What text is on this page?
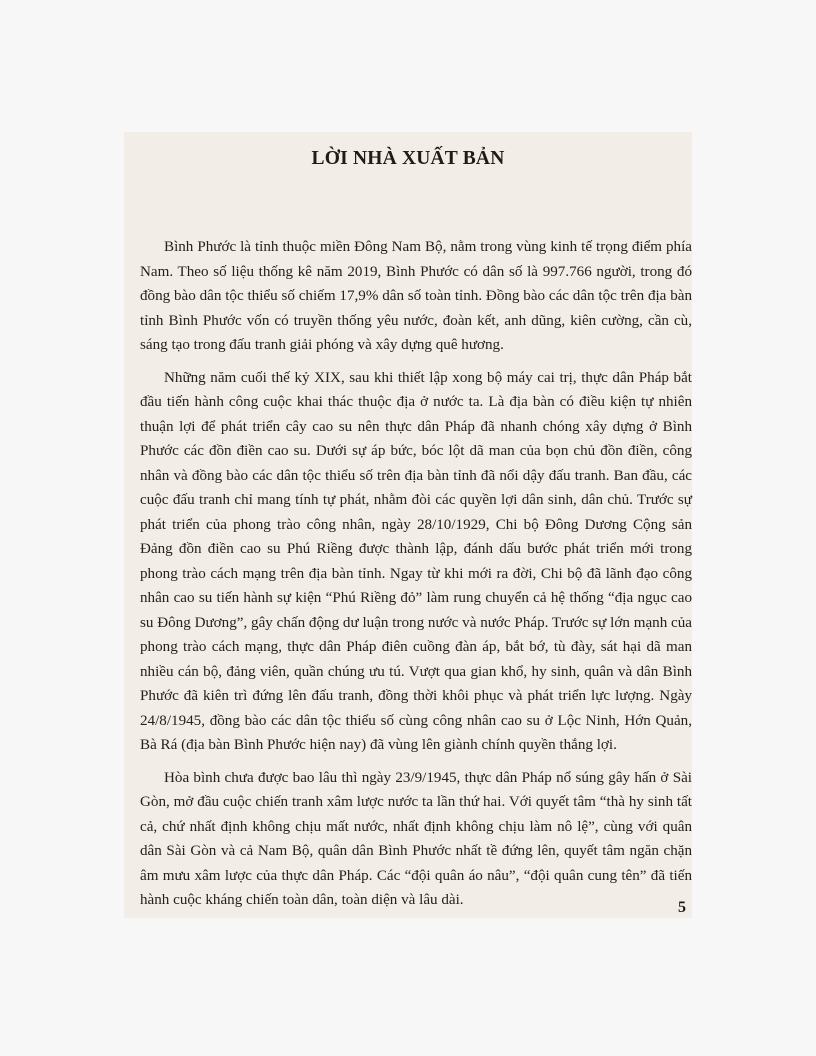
LỜI NHÀ XUẤT BẢN

Bình Phước là tỉnh thuộc miền Đông Nam Bộ, nằm trong vùng kinh tế trọng điểm phía Nam. Theo số liệu thống kê năm 2019, Bình Phước có dân số là 997.766 người, trong đó đồng bào dân tộc thiểu số chiếm 17,9% dân số toàn tỉnh. Đồng bào các dân tộc trên địa bàn tỉnh Bình Phước vốn có truyền thống yêu nước, đoàn kết, anh dũng, kiên cường, cần cù, sáng tạo trong đấu tranh giải phóng và xây dựng quê hương.

Những năm cuối thế kỷ XIX, sau khi thiết lập xong bộ máy cai trị, thực dân Pháp bắt đầu tiến hành công cuộc khai thác thuộc địa ở nước ta. Là địa bàn có điều kiện tự nhiên thuận lợi để phát triển cây cao su nên thực dân Pháp đã nhanh chóng xây dựng ở Bình Phước các đồn điền cao su. Dưới sự áp bức, bóc lột dã man của bọn chủ đồn điền, công nhân và đồng bào các dân tộc thiểu số trên địa bàn tỉnh đã nổi dậy đấu tranh. Ban đầu, các cuộc đấu tranh chỉ mang tính tự phát, nhằm đòi các quyền lợi dân sinh, dân chủ. Trước sự phát triển của phong trào công nhân, ngày 28/10/1929, Chi bộ Đông Dương Cộng sản Đảng đồn điền cao su Phú Riềng được thành lập, đánh dấu bước phát triển mới trong phong trào cách mạng trên địa bàn tỉnh. Ngay từ khi mới ra đời, Chi bộ đã lãnh đạo công nhân cao su tiến hành sự kiện “Phú Riềng đỏ” làm rung chuyển cả hệ thống “địa ngục cao su Đông Dương”, gây chấn động dư luận trong nước và nước Pháp. Trước sự lớn mạnh của phong trào cách mạng, thực dân Pháp điên cuồng đàn áp, bắt bớ, tù đày, sát hại dã man nhiều cán bộ, đảng viên, quần chúng ưu tú. Vượt qua gian khổ, hy sinh, quân và dân Bình Phước đã kiên trì đứng lên đấu tranh, đồng thời khôi phục và phát triển lực lượng. Ngày 24/8/1945, đồng bào các dân tộc thiểu số cùng công nhân cao su ở Lộc Ninh, Hớn Quản, Bà Rá (địa bàn Bình Phước hiện nay) đã vùng lên giành chính quyền thắng lợi.

Hòa bình chưa được bao lâu thì ngày 23/9/1945, thực dân Pháp nổ súng gây hấn ở Sài Gòn, mở đầu cuộc chiến tranh xâm lược nước ta lần thứ hai. Với quyết tâm “thà hy sinh tất cả, chứ nhất định không chịu mất nước, nhất định không chịu làm nô lệ”, cùng với quân dân Sài Gòn và cả Nam Bộ, quân dân Bình Phước nhất tề đứng lên, quyết tâm ngăn chặn âm mưu xâm lược của thực dân Pháp. Các “đội quân áo nâu”, “đội quân cung tên” đã tiến hành cuộc kháng chiến toàn dân, toàn diện và lâu dài.	5
